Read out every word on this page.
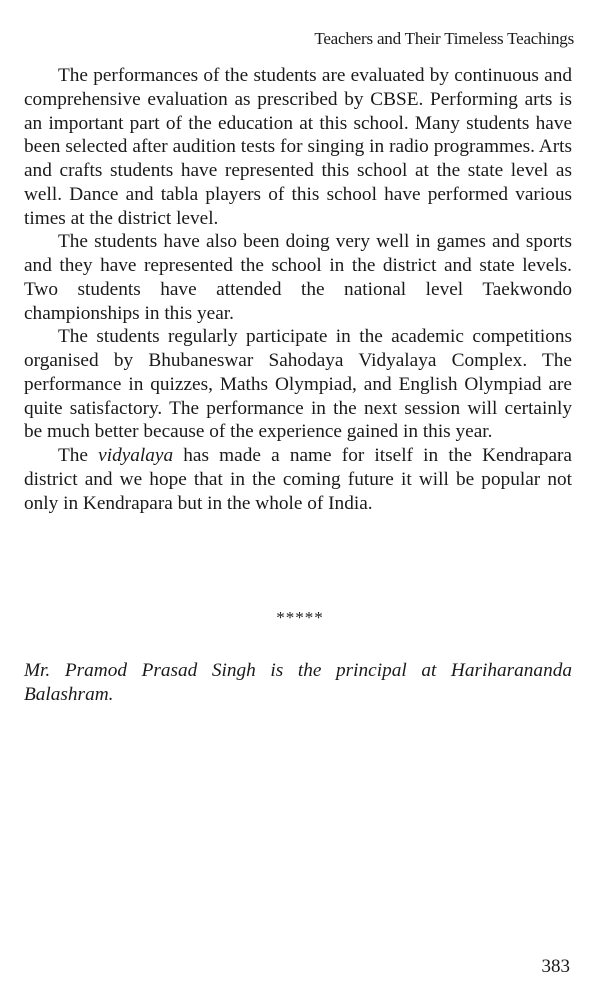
Teachers and Their Timeless Teachings

The performances of the students are evaluated by continuous and comprehensive evaluation as prescribed by CBSE. Performing arts is an important part of the education at this school. Many students have been selected after audition tests for singing in radio programmes. Arts and crafts students have represented this school at the state level as well. Dance and tabla players of this school have performed various times at the district level.

The students have also been doing very well in games and sports and they have represented the school in the district and state levels. Two students have attended the national level Taekwondo championships in this year.

The students regularly participate in the academic competitions organised by Bhubaneswar Sahodaya Vidyalaya Complex. The performance in quizzes, Maths Olympiad, and English Olympiad are quite satisfactory. The performance in the next session will certainly be much better because of the experience gained in this year.

The vidyalaya has made a name for itself in the Kendrapara district and we hope that in the coming future it will be popular not only in Kendrapara but in the whole of India.

*****

Mr. Pramod Prasad Singh is the principal at Hariharananda Balashram.

383
